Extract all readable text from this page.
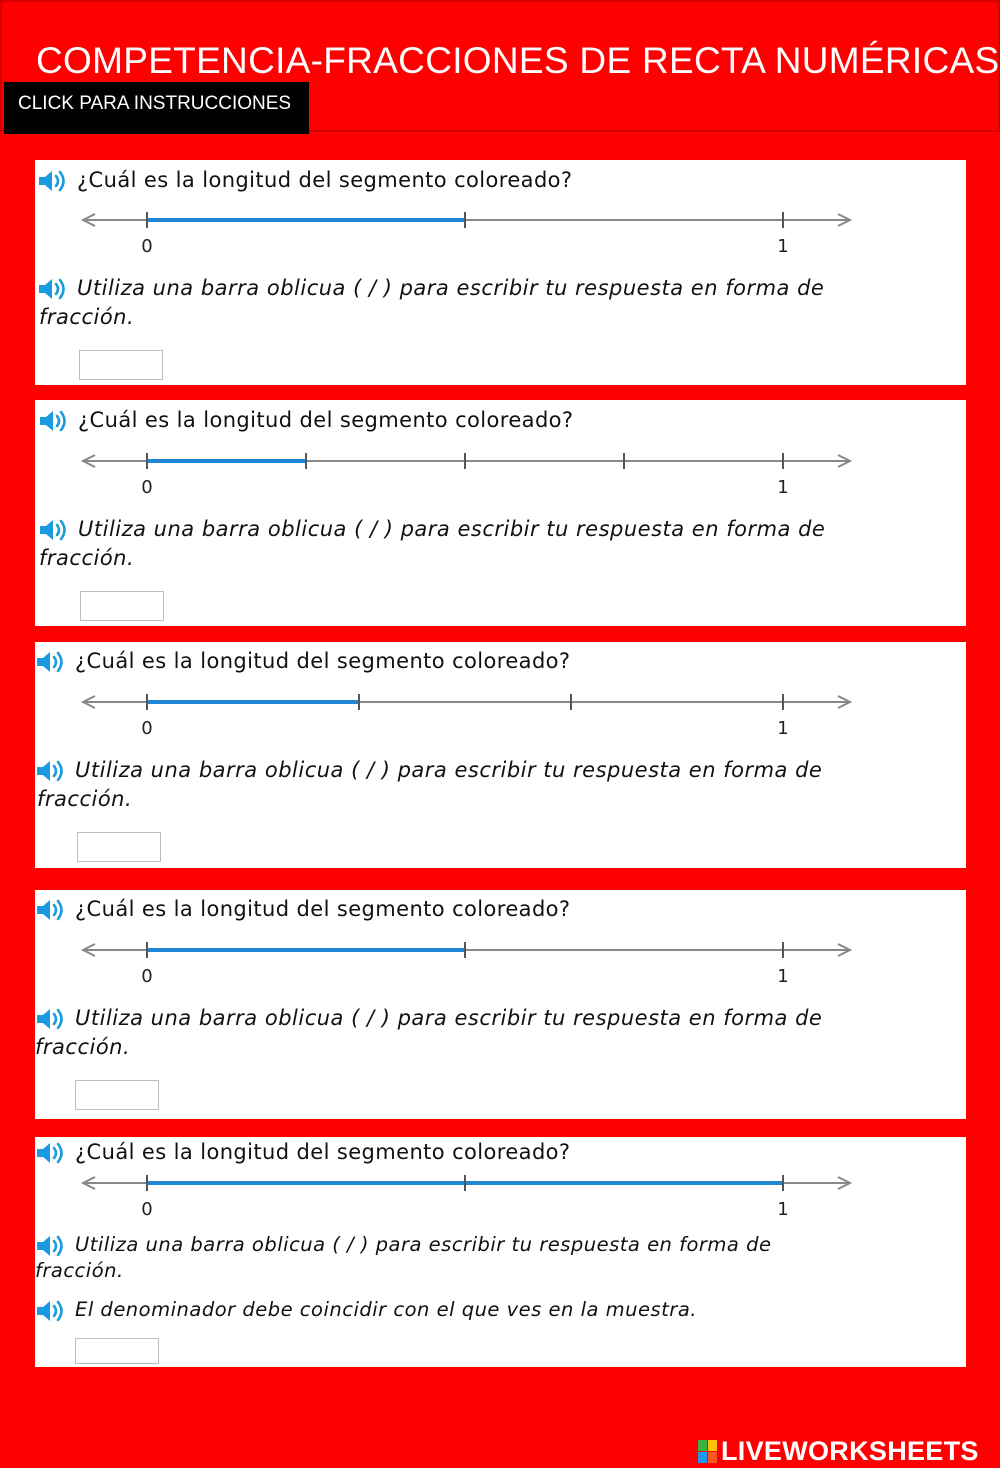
COMPETENCIA-FRACCIONES DE RECTA NUMÉRICAS
CLICK PARA INSTRUCCIONES
¿Cuál es la longitud del segmento coloreado?
0	1
Utiliza una barra oblicua ( / ) para escribir tu respuesta en forma de
fracción.
¿Cuál es la longitud del segmento coloreado?
0	1
Utiliza una barra oblicua ( / ) para escribir tu respuesta en forma de
fracción.
¿Cuál es la longitud del segmento coloreado?
0	1
Utiliza una barra oblicua ( / ) para escribir tu respuesta en forma de
fracción.
¿Cuál es la longitud del segmento coloreado?
0	1
Utiliza una barra oblicua ( / ) para escribir tu respuesta en forma de
fracción.
¿Cuál es la longitud del segmento coloreado?
0	1
Utiliza una barra oblicua ( / ) para escribir tu respuesta en forma de
fracción.
El denominador debe coincidir con el que ves en la muestra.
LIVEWORKSHEETS
